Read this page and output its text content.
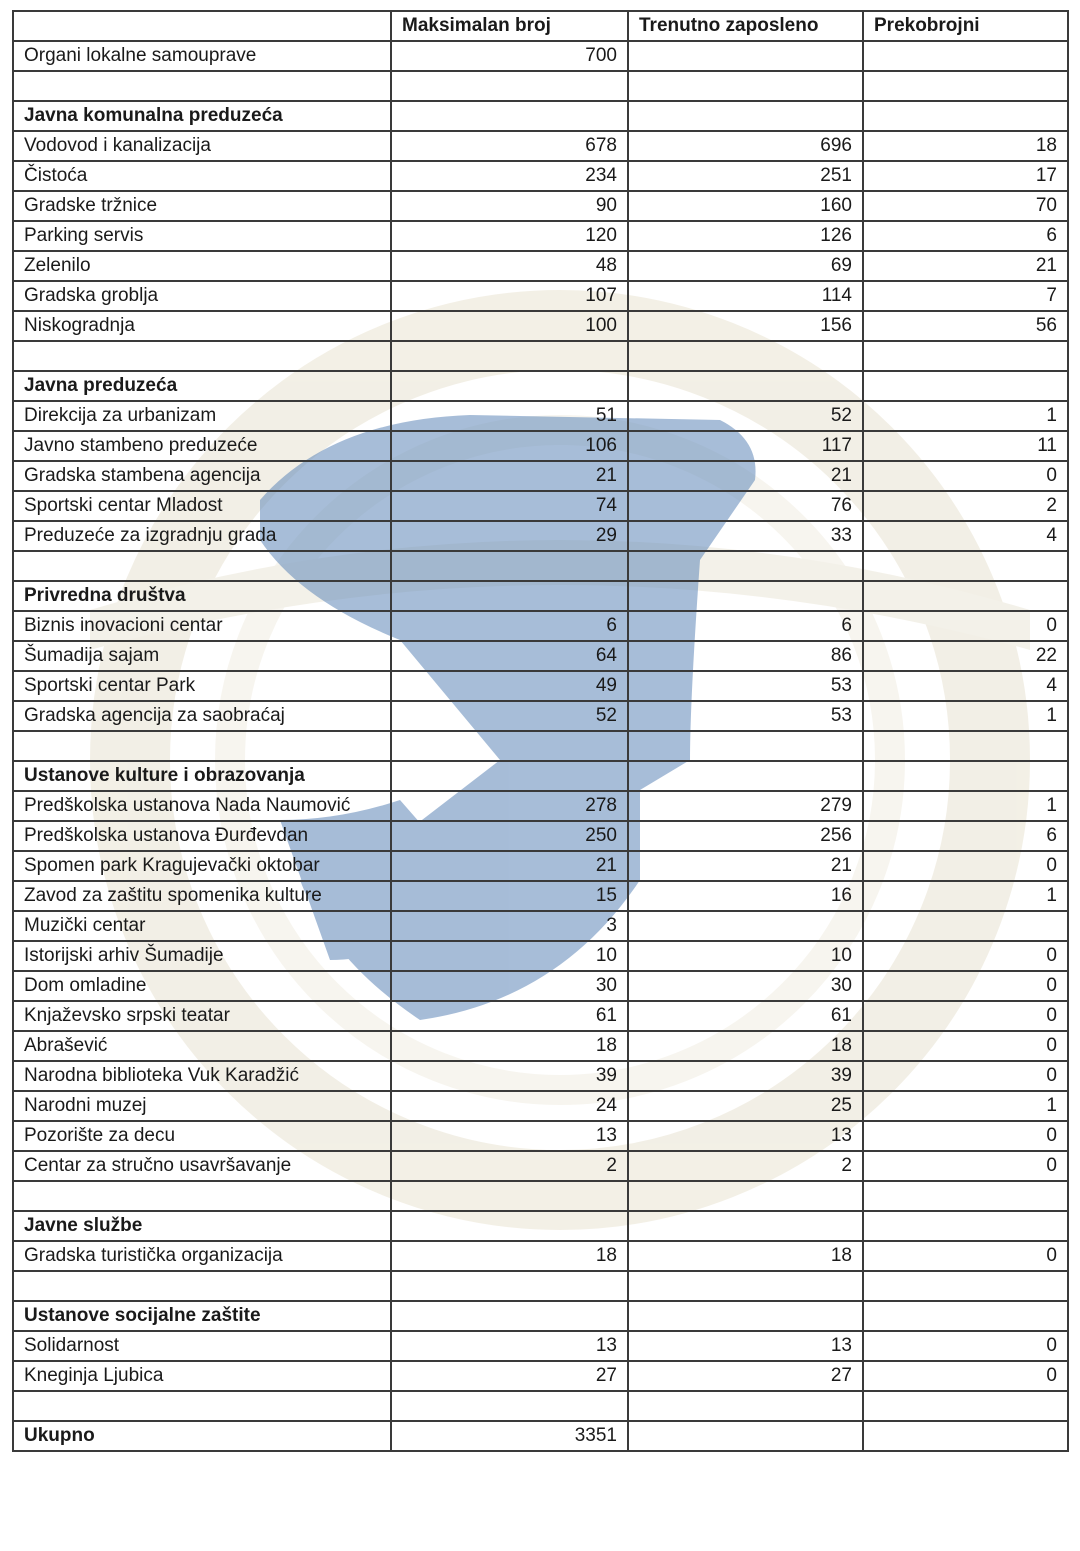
	Maksimalan broj	Trenutno zaposleno	Prekobrojni
Organi lokalne samouprave	700		

Javna komunalna preduzeća			
Vodovod i kanalizacija	678	696	18
Čistoća	234	251	17
Gradske tržnice	90	160	70
Parking servis	120	126	6
Zelenilo	48	69	21
Gradska groblja	107	114	7
Niskogradnja	100	156	56

Javna preduzeća			
Direkcija za urbanizam	51	52	1
Javno stambeno preduzeće	106	117	11
Gradska stambena agencija	21	21	0
Sportski centar Mladost	74	76	2
Preduzeće za izgradnju grada	29	33	4

Privredna društva			
Biznis inovacioni centar	6	6	0
Šumadija sajam	64	86	22
Sportski centar Park	49	53	4
Gradska agencija za saobraćaj	52	53	1

Ustanove kulture i obrazovanja			
Predškolska ustanova Nada Naumović	278	279	1
Predškolska ustanova Đurđevdan	250	256	6
Spomen park Kragujevački oktobar	21	21	0
Zavod za zaštitu spomenika kulture	15	16	1
Muzički centar	3		
Istorijski arhiv Šumadije	10	10	0
Dom omladine	30	30	0
Knjaževsko srpski teatar	61	61	0
Abrašević	18	18	0
Narodna biblioteka Vuk Karadžić	39	39	0
Narodni muzej	24	25	1
Pozorište za decu	13	13	0
Centar za stručno usavršavanje	2	2	0

Javne službe			
Gradska turistička organizacija	18	18	0

Ustanove socijalne zaštite			
Solidarnost	13	13	0
Kneginja Ljubica	27	27	0

Ukupno	3351		
